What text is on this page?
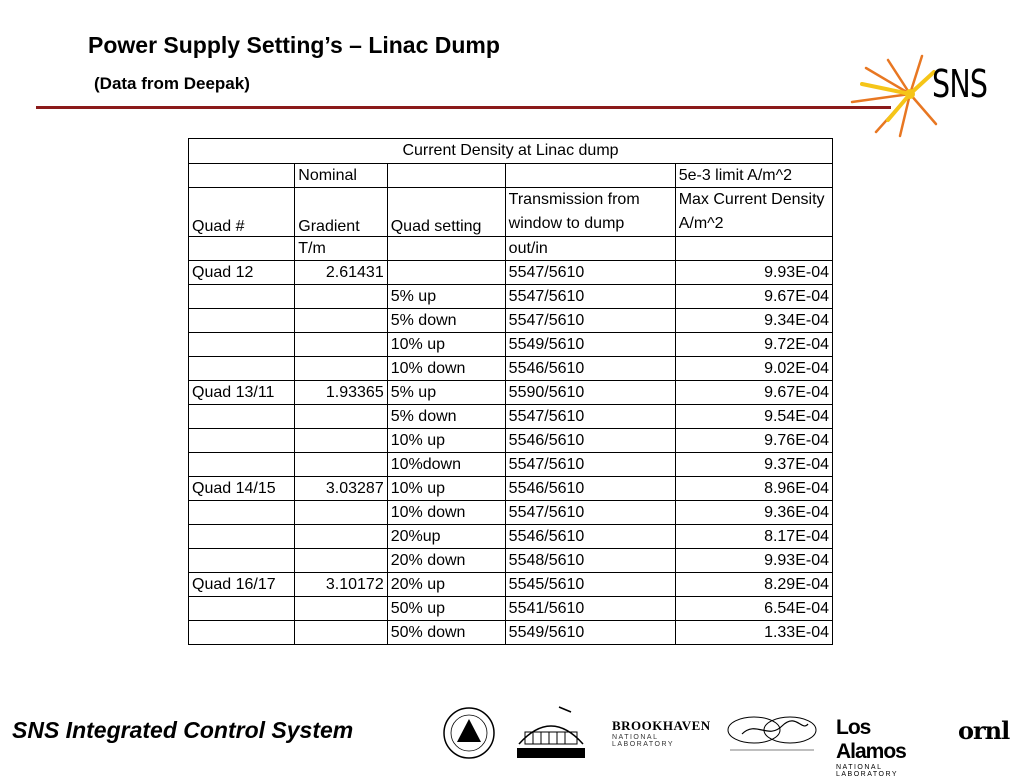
Power Supply Setting’s – Linac Dump
(Data from Deepak)	SNS
Current Density at Linac dump				
	Nominal			5e-3 limit A/m^2
Quad #	Gradient	Quad setting	Transmission from window to dump	Max Current Density A/m^2
	T/m		out/in	
Quad 12	2.61431		5547/5610	9.93E-04
		5% up	5547/5610	9.67E-04
		5% down	5547/5610	9.34E-04
		10% up	5549/5610	9.72E-04
		10% down	5546/5610	9.02E-04
Quad 13/11	1.93365	5% up	5590/5610	9.67E-04
		5% down	5547/5610	9.54E-04
		10% up	5546/5610	9.76E-04
		10%down	5547/5610	9.37E-04
Quad 14/15	3.03287	10% up	5546/5610	8.96E-04
		10% down	5547/5610	9.36E-04
		20%up	5546/5610	8.17E-04
		20% down	5548/5610	9.93E-04
Quad 16/17	3.10172	20% up	5545/5610	8.29E-04
		50% up	5541/5610	6.54E-04
		50% down	5549/5610	1.33E-04
SNS Integrated Control System	BROOKHAVEN
NATIONAL LABORATORY
Los Alamos
NATIONAL LABORATORY
ornl
